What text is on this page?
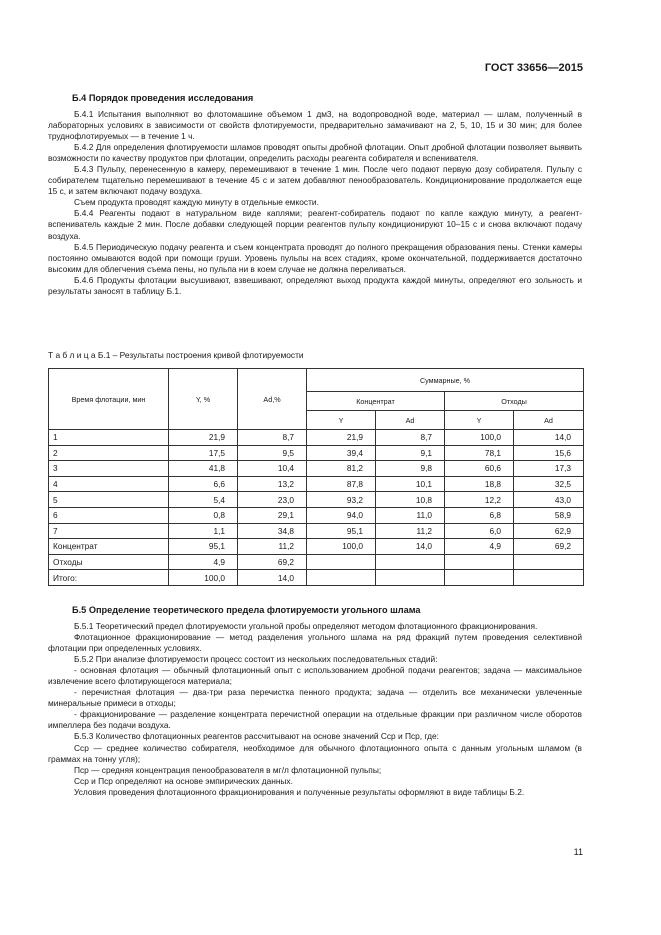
ГОСТ 33656—2015
Б.4 Порядок проведения исследования

Б.4.1 Испытания выполняют во флотомашине объемом 1 дм3, на водопроводной воде, материал — шлам, полученный в лабораторных условиях в зависимости от свойств флотируемости, предварительно замачивают на 2, 5, 10, 15 и 30 мин; для более труднофлотируемых — в течение 1 ч.

Б.4.2 Для определения флотируемости шламов проводят опыты дробной флотации. Опыт дробной флотации позволяет выявить возможности по качеству продуктов при флотации, определить расходы реагента собирателя и вспенивателя.

Б.4.3 Пульпу, перенесенную в камеру, перемешивают в течение 1 мин. После чего подают первую дозу собирателя. Пульпу с собирателем тщательно перемешивают в течение 45 с и затем добавляют пенообразователь. Кондиционирование продолжается еще 15 с, и затем включают подачу воздуха.

Съем продукта проводят каждую минуту в отдельные емкости.

Б.4.4 Реагенты подают в натуральном виде каплями; реагент-собиратель подают по капле каждую минуту, а реагент-вспениватель каждые 2 мин. После добавки следующей порции реагентов пульпу кондиционируют 10–15 с и снова включают подачу воздуха.

Б.4.5 Периодическую подачу реагента и съем концентрата проводят до полного прекращения образования пены. Стенки камеры постоянно омываются водой при помощи груши. Уровень пульпы на всех стадиях, кроме окончательной, поддерживается достаточно высоким для облегчения съема пены, но пульпа ни в коем случае не должна переливаться.

Б.4.6 Продукты флотации высушивают, взвешивают, определяют выход продукта каждой минуты, определяют его зольность и результаты заносят в таблицу Б.1.

Т а б л и ц а Б.1 – Результаты построения кривой флотируемости
Время флотации, мин	Y, %	Ad,%	Суммарные, %			
			Концентрат		Отходы	
			Y	Ad	Y	Ad
1	21,9	8,7	21,9	8,7	100,0	14,0
2	17,5	9,5	39,4	9,1	78,1	15,6
3	41,8	10,4	81,2	9,8	60,6	17,3
4	6,6	13,2	87,8	10,1	18,8	32,5
5	5,4	23,0	93,2	10,8	12,2	43,0
6	0,8	29,1	94,0	11,0	6,8	58,9
7	1,1	34,8	95,1	11,2	6,0	62,9
Концентрат	95,1	11,2	100,0	14,0	4,9	69,2
Отходы	4,9	69,2				
Итого:	100,0	14,0				
Б.5 Определение теоретического предела флотируемости угольного шлама

Б.5.1 Теоретический предел флотируемости угольной пробы определяют методом флотационного фракционирования.

Флотационное фракционирование — метод разделения угольного шлама на ряд фракций путем проведения селективной флотации при определенных условиях.

Б.5.2 При анализе флотируемости процесс состоит из нескольких последовательных стадий:

- основная флотация — обычный флотационный опыт с использованием дробной подачи реагентов; задача — максимальное извлечение всего флотирующегося материала;

- перечистная флотация — два-три раза перечистка пенного продукта; задача — отделить все механически увлеченные минеральные примеси в отходы;

- фракционирование — разделение концентрата перечистной операции на отдельные фракции при различном числе оборотов импеллера без подачи воздуха.

Б.5.3 Количество флотационных реагентов рассчитывают на основе значений Сср и Пср, где:

Сср — среднее количество собирателя, необходимое для обычного флотационного опыта с данным угольным шламом (в граммах на тонну угля);

Пср — средняя концентрация пенообразователя в мг/л флотационной пульпы;

Сср и Пср определяют на основе эмпирических данных.

Условия проведения флотационного фракционирования и полученные результаты оформляют в виде таблицы Б.2.

11
